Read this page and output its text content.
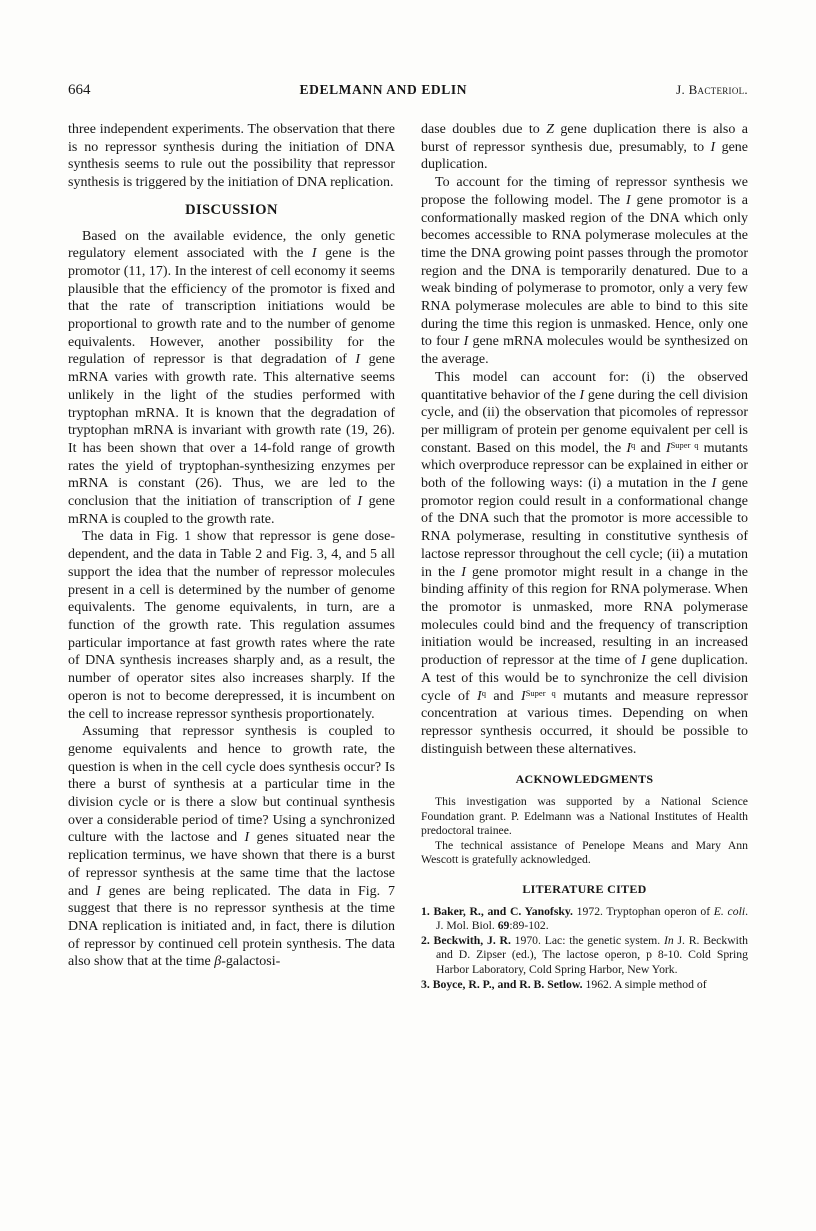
664	EDELMANN AND EDLIN	J. Bacteriol.

three independent experiments. The observation that there is no repressor synthesis during the initiation of DNA synthesis seems to rule out the possibility that repressor synthesis is triggered by the initiation of DNA replication.

DISCUSSION

Based on the available evidence, the only genetic regulatory element associated with the I gene is the promotor (11, 17). In the interest of cell economy it seems plausible that the efficiency of the promotor is fixed and that the rate of transcription initiations would be proportional to growth rate and to the number of genome equivalents. However, another possibility for the regulation of repressor is that degradation of I gene mRNA varies with growth rate. This alternative seems unlikely in the light of the studies performed with tryptophan mRNA. It is known that the degradation of tryptophan mRNA is invariant with growth rate (19, 26). It has been shown that over a 14-fold range of growth rates the yield of tryptophan-synthesizing enzymes per mRNA is constant (26). Thus, we are led to the conclusion that the initiation of transcription of I gene mRNA is coupled to the growth rate.

The data in Fig. 1 show that repressor is gene dose-dependent, and the data in Table 2 and Fig. 3, 4, and 5 all support the idea that the number of repressor molecules present in a cell is determined by the number of genome equivalents. The genome equivalents, in turn, are a function of the growth rate. This regulation assumes particular importance at fast growth rates where the rate of DNA synthesis increases sharply and, as a result, the number of operator sites also increases sharply. If the operon is not to become derepressed, it is incumbent on the cell to increase repressor synthesis proportionately.

Assuming that repressor synthesis is coupled to genome equivalents and hence to growth rate, the question is when in the cell cycle does synthesis occur? Is there a burst of synthesis at a particular time in the division cycle or is there a slow but continual synthesis over a considerable period of time? Using a synchronized culture with the lactose and I genes situated near the replication terminus, we have shown that there is a burst of repressor synthesis at the same time that the lactose and I genes are being replicated. The data in Fig. 7 suggest that there is no repressor synthesis at the time DNA replication is initiated and, in fact, there is dilution of repressor by continued cell protein synthesis. The data also show that at the time β-galactosi-

dase doubles due to Z gene duplication there is also a burst of repressor synthesis due, presumably, to I gene duplication.

To account for the timing of repressor synthesis we propose the following model. The I gene promotor is a conformationally masked region of the DNA which only becomes accessible to RNA polymerase molecules at the time the DNA growing point passes through the promotor region and the DNA is temporarily denatured. Due to a weak binding of polymerase to promotor, only a very few RNA polymerase molecules are able to bind to this site during the time this region is unmasked. Hence, only one to four I gene mRNA molecules would be synthesized on the average.

This model can account for: (i) the observed quantitative behavior of the I gene during the cell division cycle, and (ii) the observation that picomoles of repressor per milligram of protein per genome equivalent per cell is constant. Based on this model, the $I^q$ and $I^{Super q}$ mutants which overproduce repressor can be explained in either or both of the following ways: (i) a mutation in the I gene promotor region could result in a conformational change of the DNA such that the promotor is more accessible to RNA polymerase, resulting in constitutive synthesis of lactose repressor throughout the cell cycle; (ii) a mutation in the I gene promotor might result in a change in the binding affinity of this region for RNA polymerase. When the promotor is unmasked, more RNA polymerase molecules could bind and the frequency of transcription initiation would be increased, resulting in an increased production of repressor at the time of I gene duplication. A test of this would be to synchronize the cell division cycle of $I^q$ and $I^{Super q}$ mutants and measure repressor concentration at various times. Depending on when repressor synthesis occurred, it should be possible to distinguish between these alternatives.

ACKNOWLEDGMENTS

This investigation was supported by a National Science Foundation grant. P. Edelmann was a National Institutes of Health predoctoral trainee.

The technical assistance of Penelope Means and Mary Ann Wescott is gratefully acknowledged.

LITERATURE CITED

1. Baker, R., and C. Yanofsky. 1972. Tryptophan operon of E. coli. J. Mol. Biol. 69:89-102.

2. Beckwith, J. R. 1970. Lac: the genetic system. In J. R. Beckwith and D. Zipser (ed.), The lactose operon, p 8-10. Cold Spring Harbor Laboratory, Cold Spring Harbor, New York.

3. Boyce, R. P., and R. B. Setlow. 1962. A simple method of
